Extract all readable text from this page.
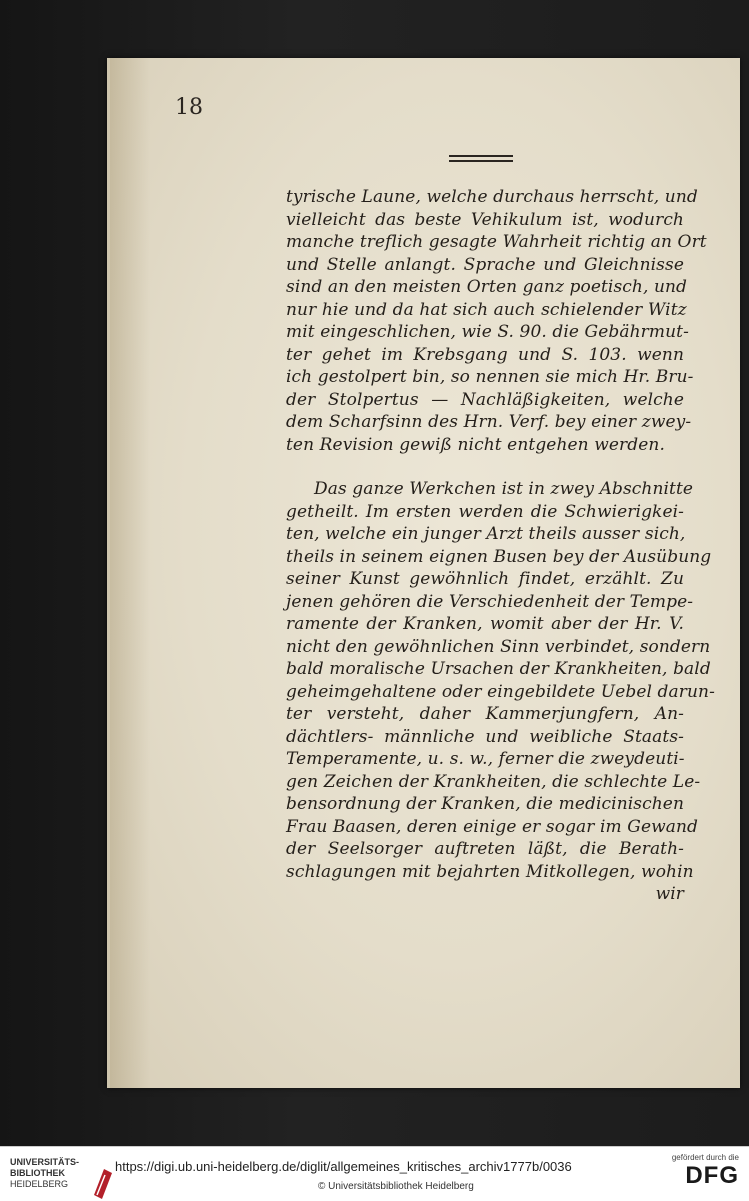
18
tyrische Laune, welche durchaus herrscht, und
vielleicht das beste Vehikulum ist, wodurch
manche treflich gesagte Wahrheit richtig an Ort
und Stelle anlangt. Sprache und Gleichnisse
sind an den meisten Orten ganz poetisch, und
nur hie und da hat sich auch schielender Witz
mit eingeschlichen, wie S. 90. die Gebährmut-
ter gehet im Krebsgang und S. 103. wenn
ich gestolpert bin, so nennen sie mich Hr. Bru-
der Stolpertus — Nachläßigkeiten, welche
dem Scharfsinn des Hrn. Verf. bey einer zwey-
ten Revision gewiß nicht entgehen werden.
Das ganze Werkchen ist in zwey Abschnitte
getheilt. Im ersten werden die Schwierigkei-
ten, welche ein junger Arzt theils ausser sich,
theils in seinem eignen Busen bey der Ausübung
seiner Kunst gewöhnlich findet, erzählt. Zu
jenen gehören die Verschiedenheit der Tempe-
ramente der Kranken, womit aber der Hr. V.
nicht den gewöhnlichen Sinn verbindet, sondern
bald moralische Ursachen der Krankheiten, bald
geheimgehaltene oder eingebildete Uebel darun-
ter versteht, daher Kammerjungfern, An-
dächtlers- männliche und weibliche Staats-
Temperamente, u. s. w., ferner die zweydeuti-
gen Zeichen der Krankheiten, die schlechte Le-
bensordnung der Kranken, die medicinischen
Frau Baasen, deren einige er sogar im Gewand
der Seelsorger auftreten läßt, die Berath-
schlagungen mit bejahrten Mitkollegen, wohin
wir
UNIVERSITÄTS-
BIBLIOTHEK
HEIDELBERG
https://digi.ub.uni-heidelberg.de/diglit/allgemeines_kritisches_archiv1777b/0036
© Universitätsbibliothek Heidelberg
gefördert durch die
DFG
